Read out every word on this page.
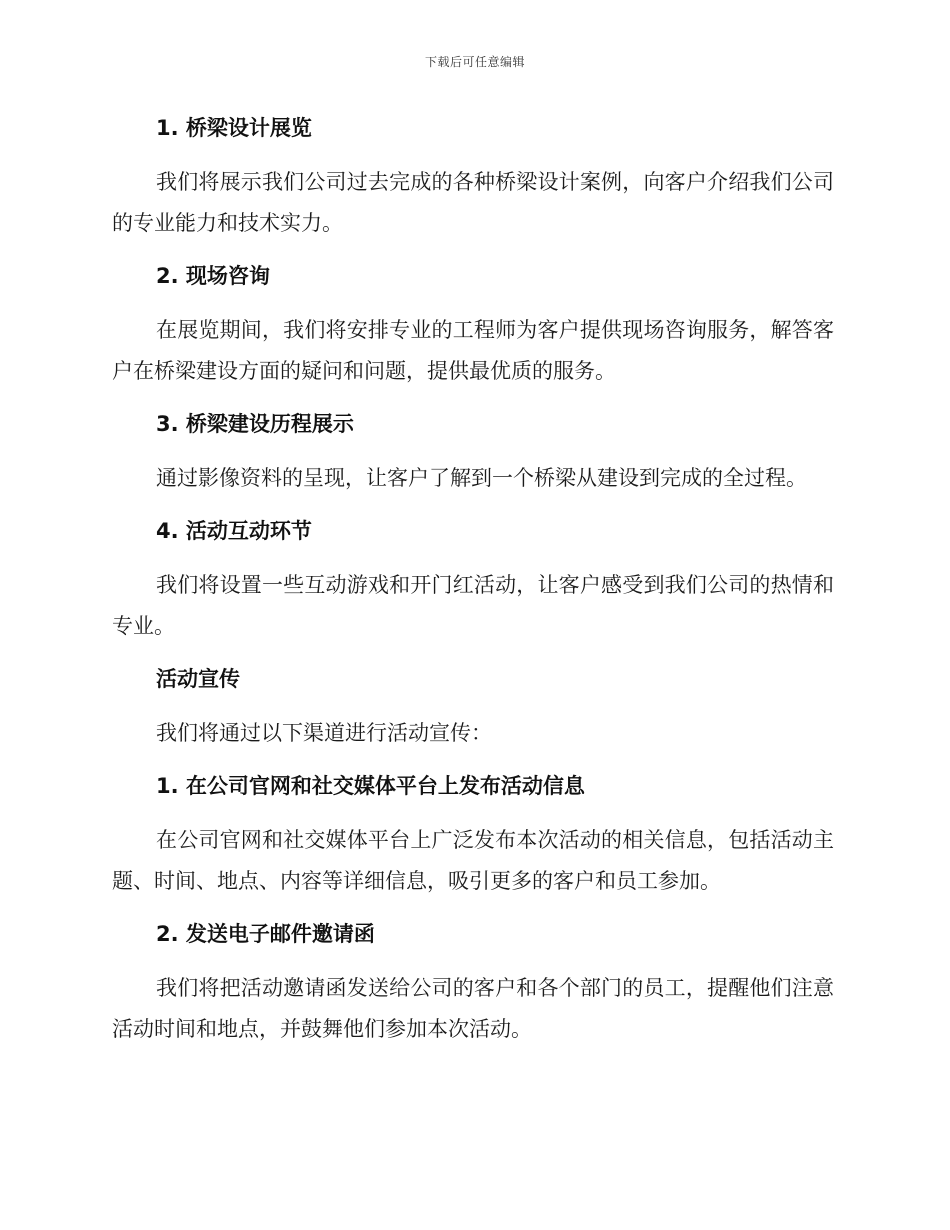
下载后可任意编辑
1. 桥梁设计展览

我们将展示我们公司过去完成的各种桥梁设计案例，向客户介绍我们公司的专业能力和技术实力。

2. 现场咨询

在展览期间，我们将安排专业的工程师为客户提供现场咨询服务，解答客户在桥梁建设方面的疑问和问题，提供最优质的服务。

3. 桥梁建设历程展示

通过影像资料的呈现，让客户了解到一个桥梁从建设到完成的全过程。

4. 活动互动环节

我们将设置一些互动游戏和开门红活动，让客户感受到我们公司的热情和专业。

活动宣传

我们将通过以下渠道进行活动宣传：

1. 在公司官网和社交媒体平台上发布活动信息

在公司官网和社交媒体平台上广泛发布本次活动的相关信息，包括活动主题、时间、地点、内容等详细信息，吸引更多的客户和员工参加。

2. 发送电子邮件邀请函

我们将把活动邀请函发送给公司的客户和各个部门的员工，提醒他们注意活动时间和地点，并鼓舞他们参加本次活动。
